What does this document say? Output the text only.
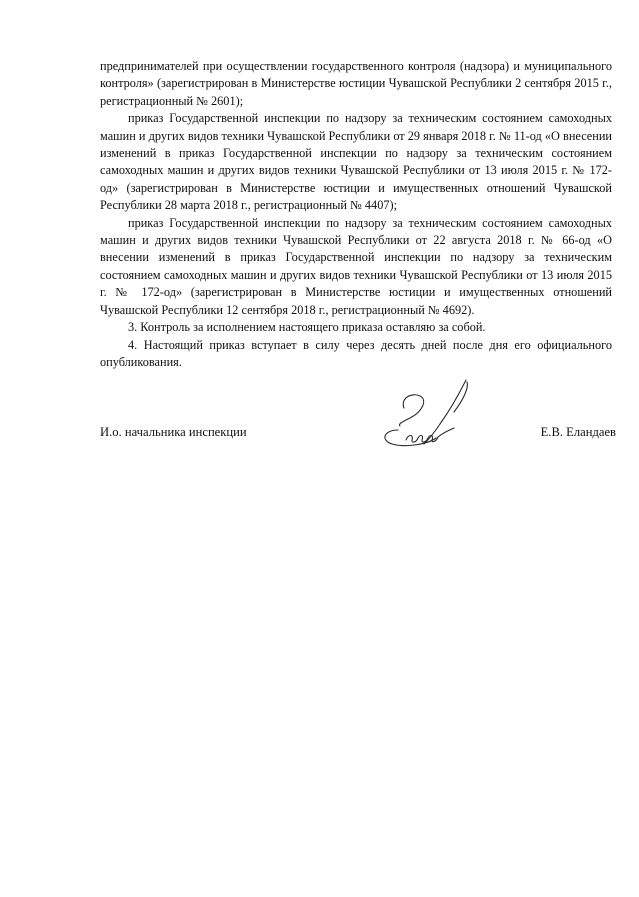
предпринимателей при осуществлении государственного контроля (надзора) и муниципального контроля» (зарегистрирован в Министерстве юстиции Чувашской Республики 2 сентября 2015 г., регистрационный № 2601);

приказ Государственной инспекции по надзору за техническим состоянием самоходных машин и других видов техники Чувашской Республики от 29 января 2018 г. № 11-од «О внесении изменений в приказ Государственной инспекции по надзору за техническим состоянием самоходных машин и других видов техники Чувашской Республики от 13 июля 2015 г. № 172-од» (зарегистрирован в Министерстве юстиции и имущественных отношений Чувашской Республики 28 марта 2018 г., регистрационный № 4407);

приказ Государственной инспекции по надзору за техническим состоянием самоходных машин и других видов техники Чувашской Республики от 22 августа 2018 г. № 66-од «О внесении изменений в приказ Государственной инспекции по надзору за техническим состоянием самоходных машин и других видов техники Чувашской Республики от 13 июля 2015 г. № 172-од» (зарегистрирован в Министерстве юстиции и имущественных отношений Чувашской Республики 12 сентября 2018 г., регистрационный № 4692).

3. Контроль за исполнением настоящего приказа оставляю за собой.

4. Настоящий приказ вступает в силу через десять дней после дня его официального опубликования.

И.о. начальника инспекции	Е.В. Еландаев
